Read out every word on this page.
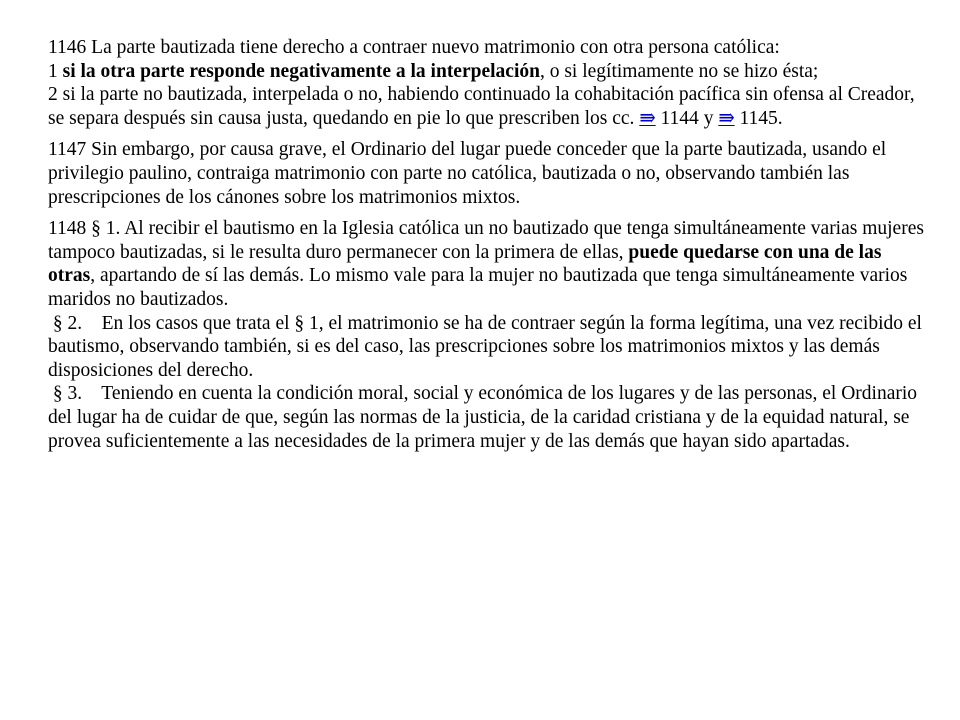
1146 La parte bautizada tiene derecho a contraer nuevo matrimonio con otra persona católica:
1 si la otra parte responde negativamente a la interpelación, o si legítimamente no se hizo ésta;
2 si la parte no bautizada, interpelada o no, habiendo continuado la cohabitación pacífica sin ofensa al Creador, se separa después sin causa justa, quedando en pie lo que prescriben los cc. ⇛ 1144 y ⇛ 1145.
1147 Sin embargo, por causa grave, el Ordinario del lugar puede conceder que la parte bautizada, usando el privilegio paulino, contraiga matrimonio con parte no católica, bautizada o no, observando también las prescripciones de los cánones sobre los matrimonios mixtos.
1148 § 1. Al recibir el bautismo en la Iglesia católica un no bautizado que tenga simultáneamente varias mujeres tampoco bautizadas, si le resulta duro permanecer con la primera de ellas, puede quedarse con una de las otras, apartando de sí las demás. Lo mismo vale para la mujer no bautizada que tenga simultáneamente varios maridos no bautizados.
§ 2.    En los casos que trata el § 1, el matrimonio se ha de contraer según la forma legítima, una vez recibido el bautismo, observando también, si es del caso, las prescripciones sobre los matrimonios mixtos y las demás disposiciones del derecho.
§ 3.    Teniendo en cuenta la condición moral, social y económica de los lugares y de las personas, el Ordinario del lugar ha de cuidar de que, según las normas de la justicia, de la caridad cristiana y de la equidad natural, se provea suficientemente a las necesidades de la primera mujer y de las demás que hayan sido apartadas.
